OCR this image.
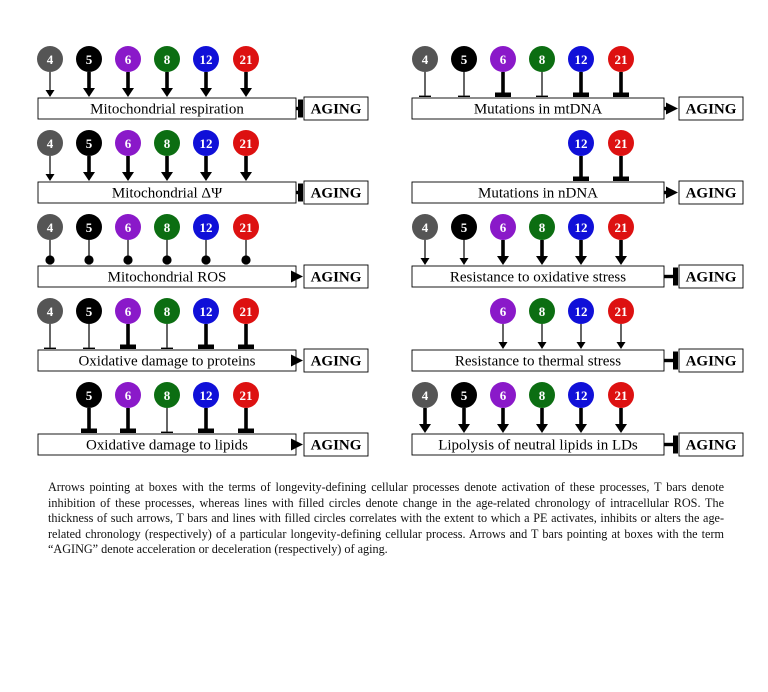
4	5	6	8 12 21
Mitochondrial respiration	AGING
4	5	6	8 12 21
Mitochondrial ΔΨ	AGING
4	5	6	8 12 21
Mitochondrial ROS	AGING
4	5	6	8 12 21
Oxidative damage to proteins	AGING
5	6	8 12 21
Oxidative damage to lipids	AGING
4	5	6	8 12 21
Mutations in mtDNA	AGING
12 21
Mutations in nDNA	AGING
4	5	6	8 12 21
Resistance to oxidative stress	AGING
6	8 12 21
Resistance to thermal stress	AGING
4	5	6	8 12 21
Lipolysis of neutral lipids in LDs	AGING

Arrows pointing at boxes with the terms of longevity-defining cellular processes denote activation of these processes, T bars denote inhibition of these processes, whereas lines with filled circles denote change in the age-related chronology of intracellular ROS. The thickness of such arrows, T bars and lines with filled circles correlates with the extent to which a PE activates, inhibits or alters the age-related chronology (respectively) of a particular longevity-defining cellular process. Arrows and T bars pointing at boxes with the term “AGING” denote acceleration or deceleration (respectively) of aging.
